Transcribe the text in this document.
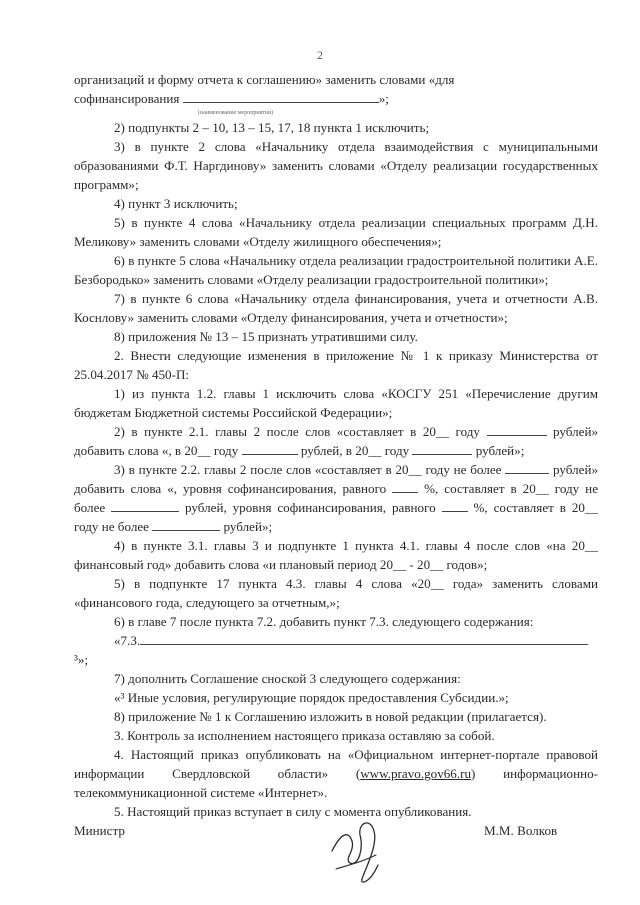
2

организаций и форму отчета к соглашению» заменить словами «для

софинансирования	»;

(наименование мероприятия)

2) подпункты 2 – 10, 13 – 15, 17, 18 пункта 1 исключить;

3) в пункте 2 слова «Начальнику отдела взаимодействия с муниципальными образованиями Ф.Т. Наргдинову» заменить словами «Отделу реализации государственных программ»;

4) пункт 3 исключить;

5) в пункте 4 слова «Начальнику отдела реализации специальных программ Д.Н. Меликову» заменить словами «Отделу жилищного обеспечения»;

6) в пункте 5 слова «Начальнику отдела реализации градостроительной политики А.Е. Безбородько» заменить словами «Отделу реализации градостроительной политики»;

7) в пункте 6 слова «Начальнику отдела финансирования, учета и отчетности А.В. Коснлову» заменить словами «Отделу финансирования, учета и отчетности»;

8) приложения № 13 – 15 признать утратившими силу.

2. Внести следующие изменения в приложение № 1 к приказу Министерства от 25.04.2017 № 450-П:

1) из пункта 1.2. главы 1 исключить слова «КОСГУ 251 «Перечисление другим бюджетам Бюджетной системы Российской Федерации»;

2) в пункте 2.1. главы 2 после слов «составляет в 20__ году	рублей» добавить слова «, в 20__ году	рублей, в 20__ году	рублей»;

3) в пункте 2.2. главы 2 после слов «составляет в 20__ году не более	рублей» добавить слова «, уровня софинансирования, равного	%, составляет в 20__ году не более	рублей, уровня софинансирования, равного	%, составляет в 20__ году не более	рублей»;

4) в пункте 3.1. главы 3 и подпункте 1 пункта 4.1. главы 4 после слов «на 20__ финансовый год» добавить слова «и плановый период 20__ - 20__ годов»;

5) в подпункте 17 пункта 4.3. главы 4 слова «20__ года» заменить словами «финансового года, следующего за отчетным,»;

6) в главе 7 после пункта 7.2. добавить пункт 7.3. следующего содержания:

«7.3.³»;

7) дополнить Соглашение сноской 3 следующего содержания:

«³ Иные условия, регулирующие порядок предоставления Субсидии.»;

8) приложение № 1 к Соглашению изложить в новой редакции (прилагается).

3. Контроль за исполнением настоящего приказа оставляю за собой.

4. Настоящий приказ опубликовать на «Официальном интернет-портале правовой информации Свердловской области» (www.pravo.gov66.ru) информационно-телекоммуникационной системе «Интернет».

5. Настоящий приказ вступает в силу с момента опубликования.

Министр	М.М. Волков
